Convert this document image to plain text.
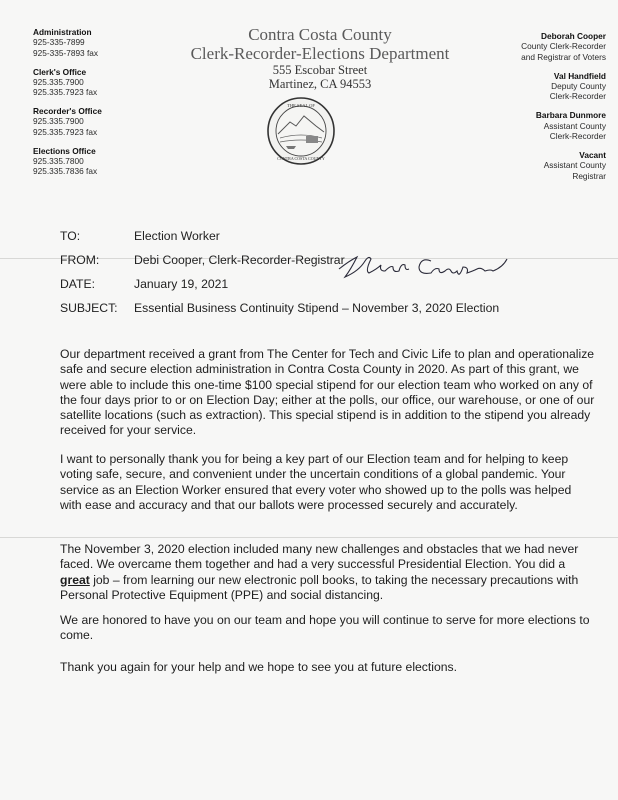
Administration
925-335-7899
925-335-7893 fax
Clerk's Office
925.335.7900
925.335.7923 fax
Recorder's Office
925.335.7900
925.335.7923 fax
Elections Office
925.335.7800
925.335.7836 fax
Contra Costa County
Clerk-Recorder-Elections Department
555 Escobar Street
Martinez, CA 94553
THE SEAL OF
CONTRA COSTA COUNTY
Deborah Cooper
County Clerk-Recorder
and Registrar of Voters
Val Handfield
Deputy County
Clerk-Recorder
Barbara Dunmore
Assistant County
Clerk-Recorder
Vacant
Assistant County
Registrar
TO:	Election Worker
FROM:	Debi Cooper, Clerk-Recorder-Registrar
DATE:	January 19, 2021
SUBJECT:	Essential Business Continuity Stipend – November 3, 2020 Election

Our department received a grant from The Center for Tech and Civic Life to plan and operationalize safe and secure election administration in Contra Costa County in 2020. As part of this grant, we were able to include this one-time $100 special stipend for our election team who worked on any of the four days prior to or on Election Day; either at the polls, our office, our warehouse, or one of our satellite locations (such as extraction). This special stipend is in addition to the stipend you already received for your service.

I want to personally thank you for being a key part of our Election team and for helping to keep voting safe, secure, and convenient under the uncertain conditions of a global pandemic. Your service as an Election Worker ensured that every voter who showed up to the polls was helped with ease and accuracy and that our ballots were processed securely and accurately.

The November 3, 2020 election included many new challenges and obstacles that we had never faced. We overcame them together and had a very successful Presidential Election. You did a great job – from learning our new electronic poll books, to taking the necessary precautions with Personal Protective Equipment (PPE) and social distancing.

We are honored to have you on our team and hope you will continue to serve for more elections to come.

Thank you again for your help and we hope to see you at future elections.
